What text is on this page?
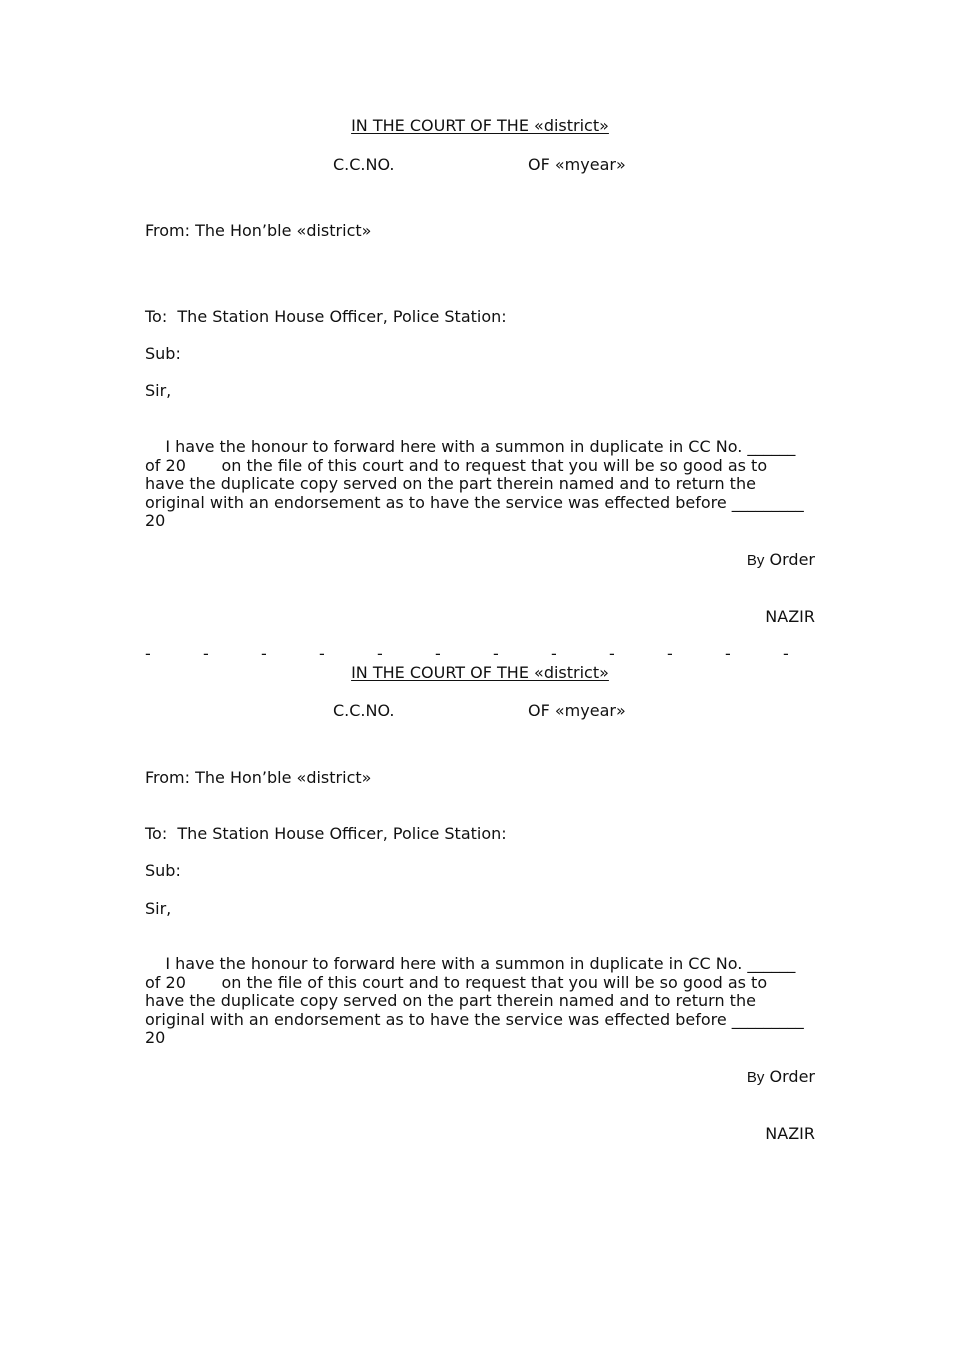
IN THE COURT OF THE «district»
C.C.NO.	OF «myear»
From: The Hon’ble «district»
To:  The Station House Officer, Police Station:
Sub:
Sir,
I have the honour to forward here with a summon in duplicate in CC No. ______
of 20       on the file of this court and to request that you will be so good as to
have the duplicate copy served on the part therein named and to return the
original with an endorsement as to have the service was effected before _________
20
By Order
NAZIR
-	-	-	-	-	-	-	-	-	-	-	-
IN THE COURT OF THE «district»
C.C.NO.	OF «myear»
From: The Hon’ble «district»
To:  The Station House Officer, Police Station:
Sub:
Sir,
I have the honour to forward here with a summon in duplicate in CC No. ______
of 20       on the file of this court and to request that you will be so good as to
have the duplicate copy served on the part therein named and to return the
original with an endorsement as to have the service was effected before _________
20
By Order
NAZIR
